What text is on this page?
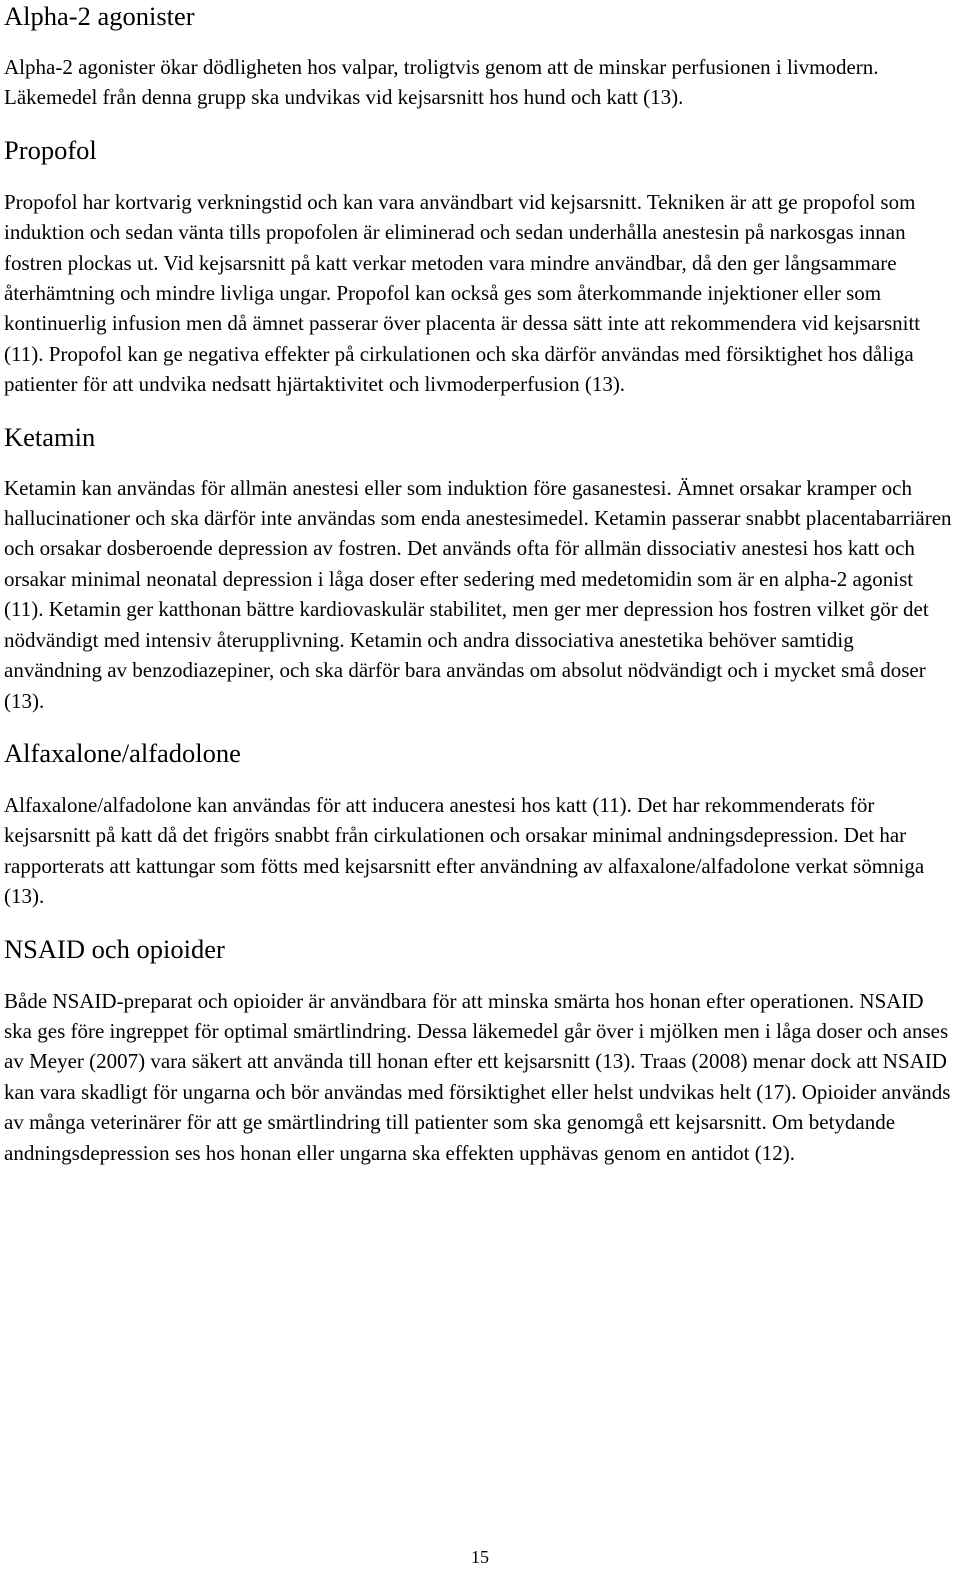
Alpha-2 agonister

Alpha-2 agonister ökar dödligheten hos valpar, troligtvis genom att de minskar perfusionen i livmodern. Läkemedel från denna grupp ska undvikas vid kejsarsnitt hos hund och katt (13).

Propofol

Propofol har kortvarig verkningstid och kan vara användbart vid kejsarsnitt. Tekniken är att ge propofol som induktion och sedan vänta tills propofolen är eliminerad och sedan underhålla anestesin på narkosgas innan fostren plockas ut. Vid kejsarsnitt på katt verkar metoden vara mindre användbar, då den ger långsammare återhämtning och mindre livliga ungar. Propofol kan också ges som återkommande injektioner eller som kontinuerlig infusion men då ämnet passerar över placenta är dessa sätt inte att rekommendera vid kejsarsnitt (11). Propofol kan ge negativa effekter på cirkulationen och ska därför användas med försiktighet hos dåliga patienter för att undvika nedsatt hjärtaktivitet och livmoderperfusion (13).

Ketamin

Ketamin kan användas för allmän anestesi eller som induktion före gasanestesi. Ämnet orsakar kramper och hallucinationer och ska därför inte användas som enda anestesimedel. Ketamin passerar snabbt placentabarriären och orsakar dosberoende depression av fostren. Det används ofta för allmän dissociativ anestesi hos katt och orsakar minimal neonatal depression i låga doser efter sedering med medetomidin som är en alpha-2 agonist (11). Ketamin ger katthonan bättre kardiovaskulär stabilitet, men ger mer depression hos fostren vilket gör det nödvändigt med intensiv återupplivning. Ketamin och andra dissociativa anestetika behöver samtidig användning av benzodiazepiner, och ska därför bara användas om absolut nödvändigt och i mycket små doser (13).

Alfaxalone/alfadolone

Alfaxalone/alfadolone kan användas för att inducera anestesi hos katt (11). Det har rekommenderats för kejsarsnitt på katt då det frigörs snabbt från cirkulationen och orsakar minimal andningsdepression. Det har rapporterats att kattungar som fötts med kejsarsnitt efter användning av alfaxalone/alfadolone verkat sömniga (13).

NSAID och opioider

Både NSAID-preparat och opioider är användbara för att minska smärta hos honan efter operationen. NSAID ska ges före ingreppet för optimal smärtlindring. Dessa läkemedel går över i mjölken men i låga doser och anses av Meyer (2007) vara säkert att använda till honan efter ett kejsarsnitt (13). Traas (2008) menar dock att NSAID kan vara skadligt för ungarna och bör användas med försiktighet eller helst undvikas helt (17). Opioider används av många veterinärer för att ge smärtlindring till patienter som ska genomgå ett kejsarsnitt. Om betydande andningsdepression ses hos honan eller ungarna ska effekten upphävas genom en antidot (12).

15
